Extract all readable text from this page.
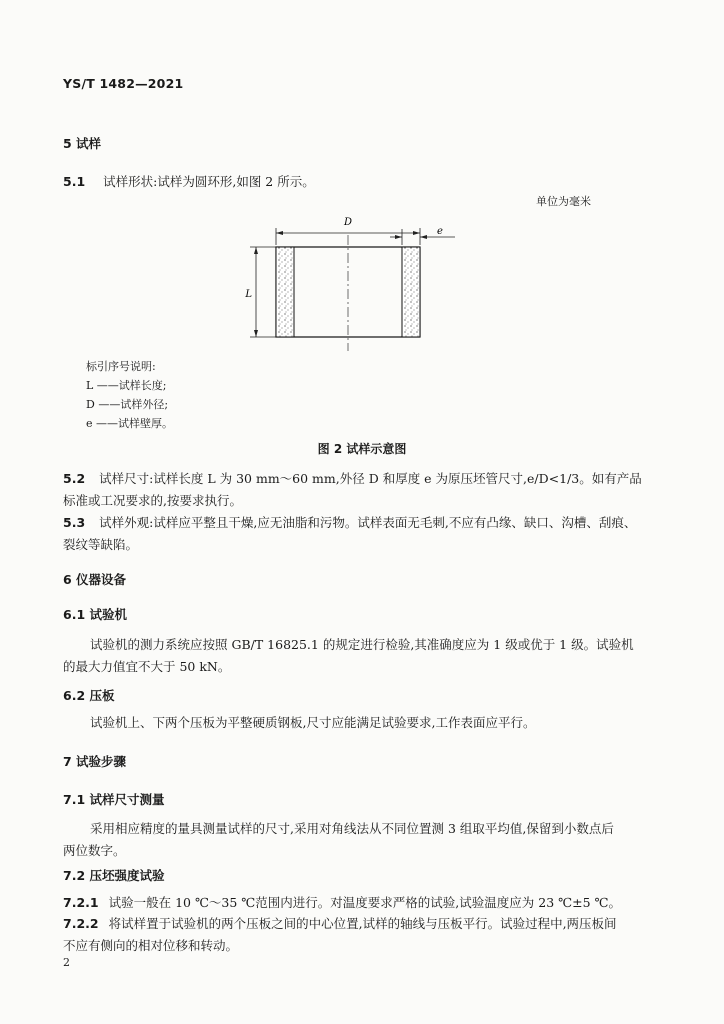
YS/T 1482—2021
5 试样
5.1 试样形状:试样为圆环形,如图 2 所示。
单位为毫米
D
e
L
标引序号说明:
L ——试样长度;
D ——试样外径;
e ——试样壁厚。
图 2 试样示意图
5.2 试样尺寸:试样长度 L 为 30 mm～60 mm,外径 D 和厚度 e 为原压坯管尺寸,e/D<1/3。如有产品
标准或工况要求的,按要求执行。
5.3 试样外观:试样应平整且干燥,应无油脂和污物。试样表面无毛刺,不应有凸缘、缺口、沟槽、刮痕、
裂纹等缺陷。
6 仪器设备
6.1 试验机
试验机的测力系统应按照 GB/T 16825.1 的规定进行检验,其准确度应为 1 级或优于 1 级。试验机
的最大力值宜不大于 50 kN。
6.2 压板
试验机上、下两个压板为平整硬质钢板,尺寸应能满足试验要求,工作表面应平行。
7 试验步骤
7.1 试样尺寸测量
采用相应精度的量具测量试样的尺寸,采用对角线法从不同位置测 3 组取平均值,保留到小数点后
两位数字。
7.2 压坯强度试验
7.2.1 试验一般在 10 ℃～35 ℃范围内进行。对温度要求严格的试验,试验温度应为 23 ℃±5 ℃。
7.2.2 将试样置于试验机的两个压板之间的中心位置,试样的轴线与压板平行。试验过程中,两压板间
不应有侧向的相对位移和转动。
2
